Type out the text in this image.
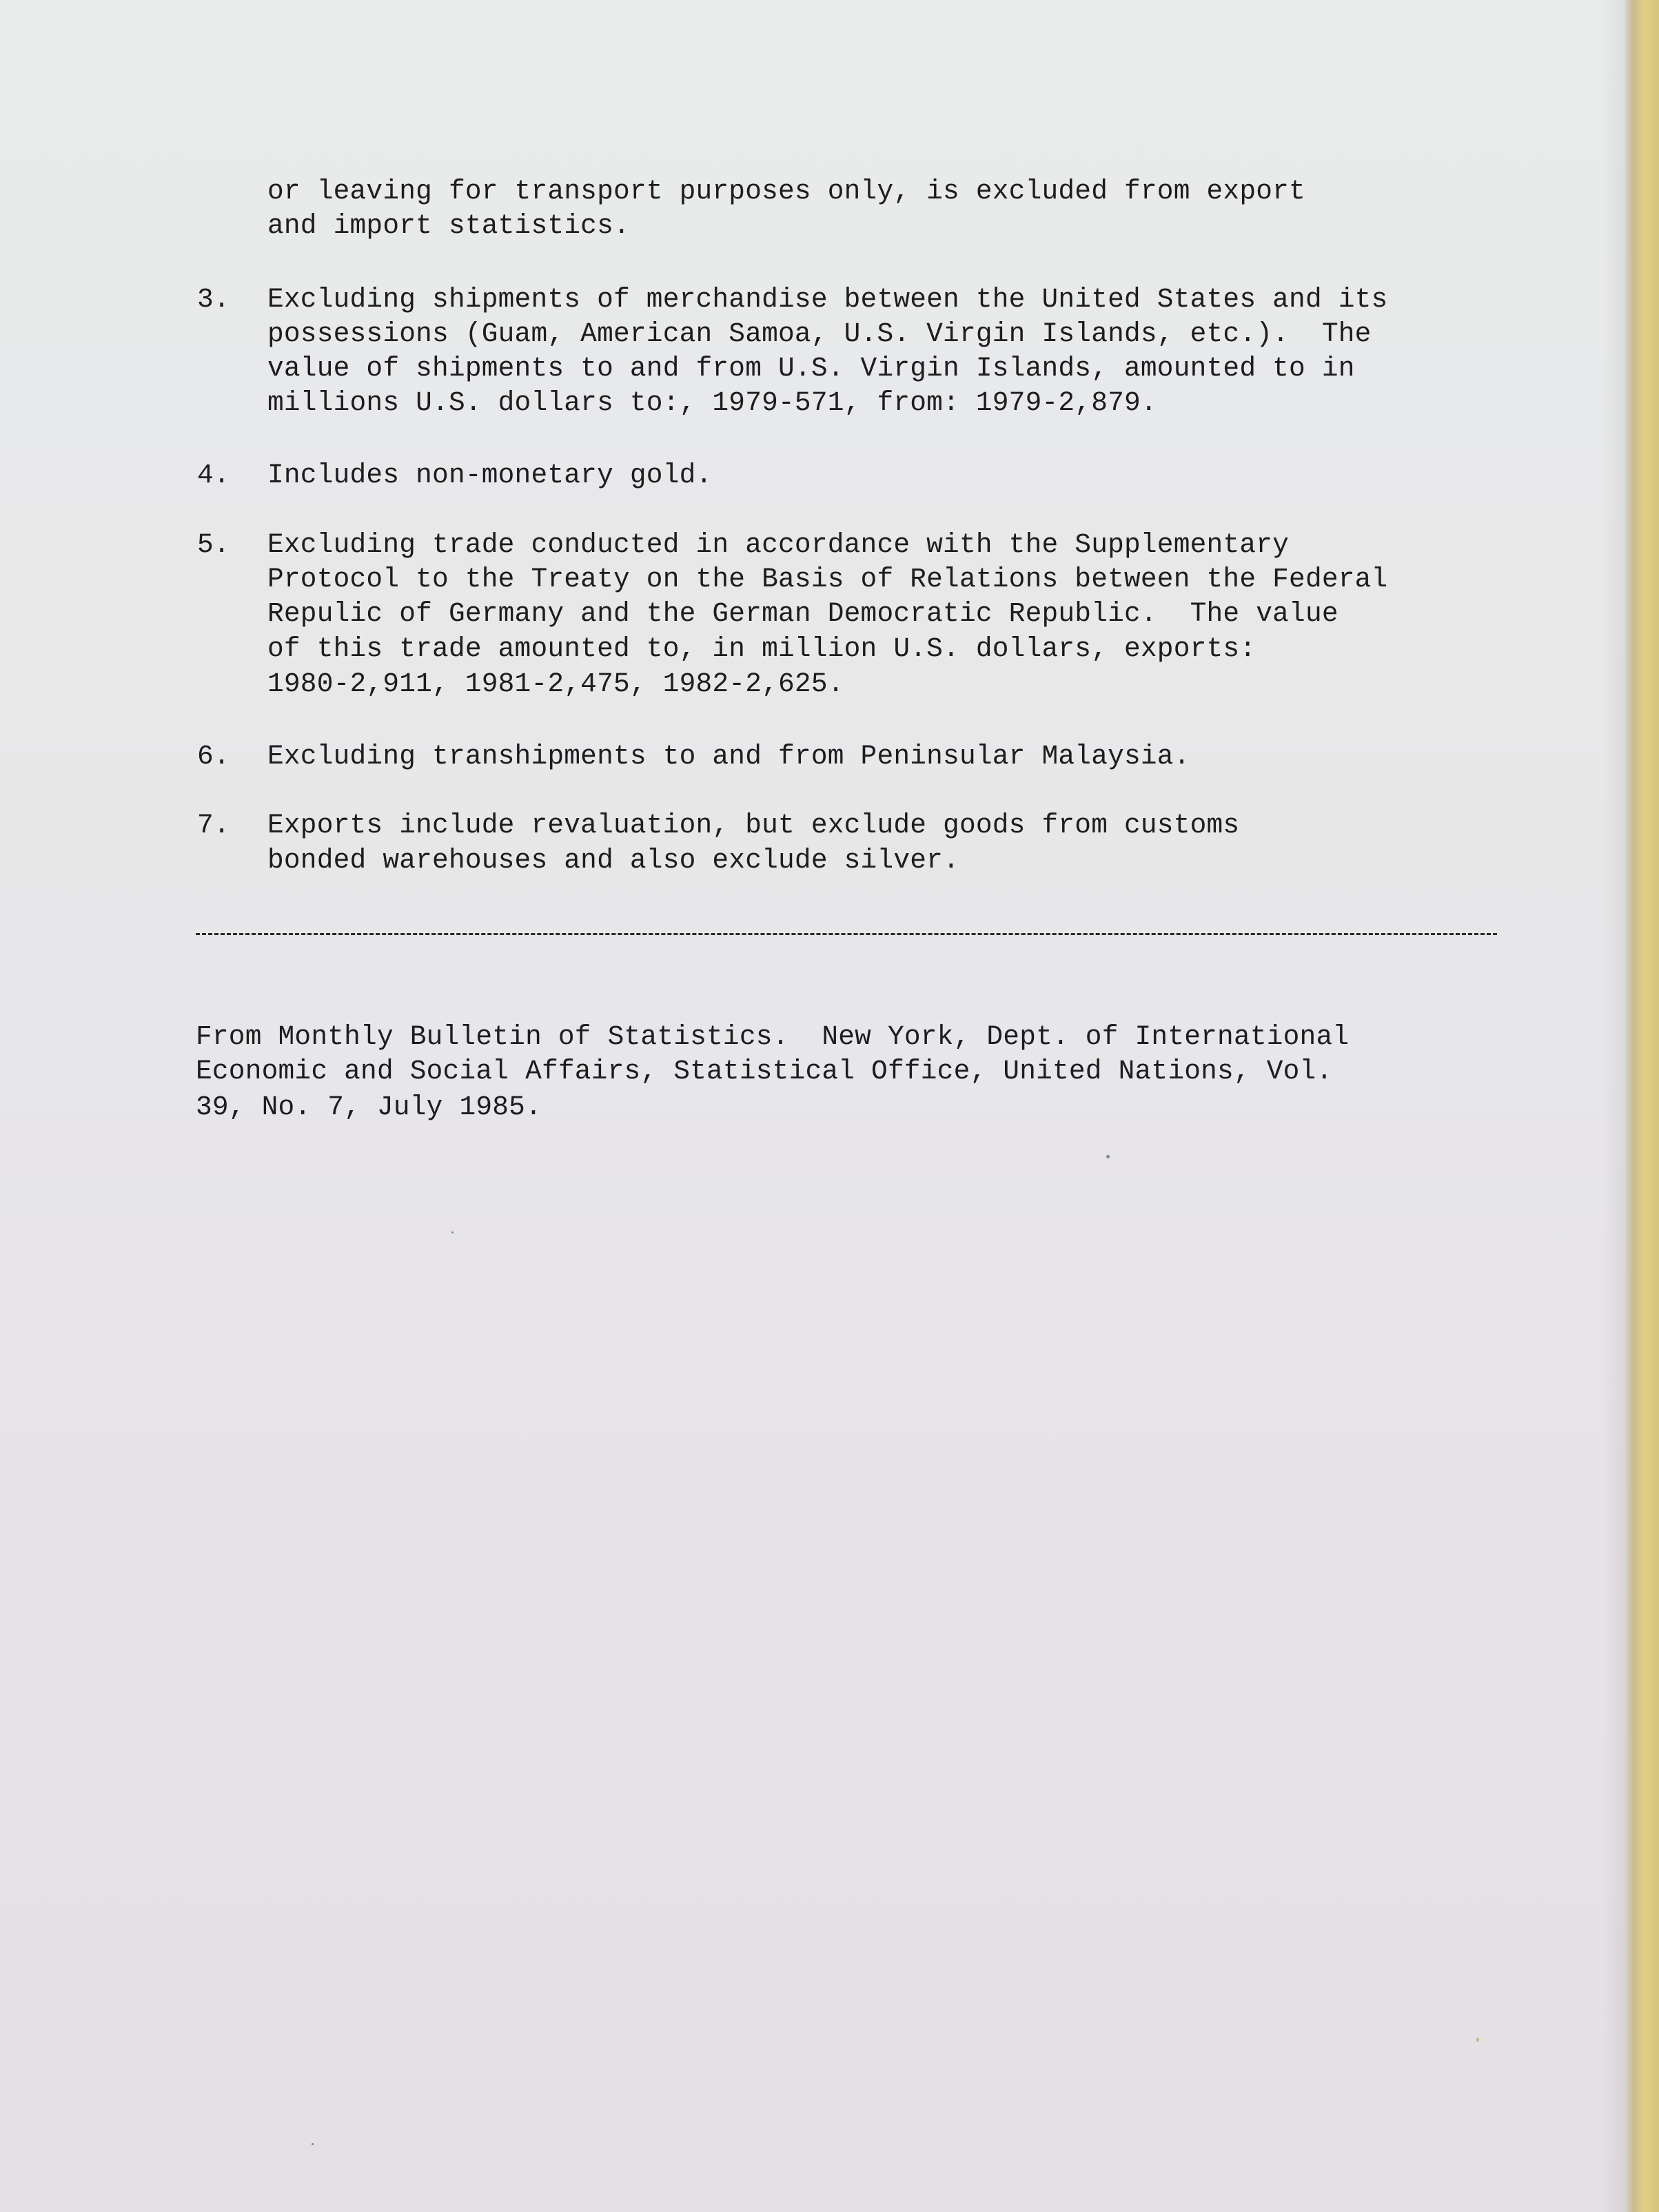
or leaving for transport purposes only, is excluded from export
and import statistics.
3. Excluding shipments of merchandise between the United States and its
possessions (Guam, American Samoa, U.S. Virgin Islands, etc.).  The
value of shipments to and from U.S. Virgin Islands, amounted to in
millions U.S. dollars to:, 1979-571, from: 1979-2,879.
4. Includes non-monetary gold.
5. Excluding trade conducted in accordance with the Supplementary
Protocol to the Treaty on the Basis of Relations between the Federal
Repulic of Germany and the German Democratic Republic.  The value
of this trade amounted to, in million U.S. dollars, exports:
1980-2,911, 1981-2,475, 1982-2,625.
6. Excluding transhipments to and from Peninsular Malaysia.
7. Exports include revaluation, but exclude goods from customs
bonded warehouses and also exclude silver.
From Monthly Bulletin of Statistics.  New York, Dept. of International
Economic and Social Affairs, Statistical Office, United Nations, Vol.
39, No. 7, July 1985.
